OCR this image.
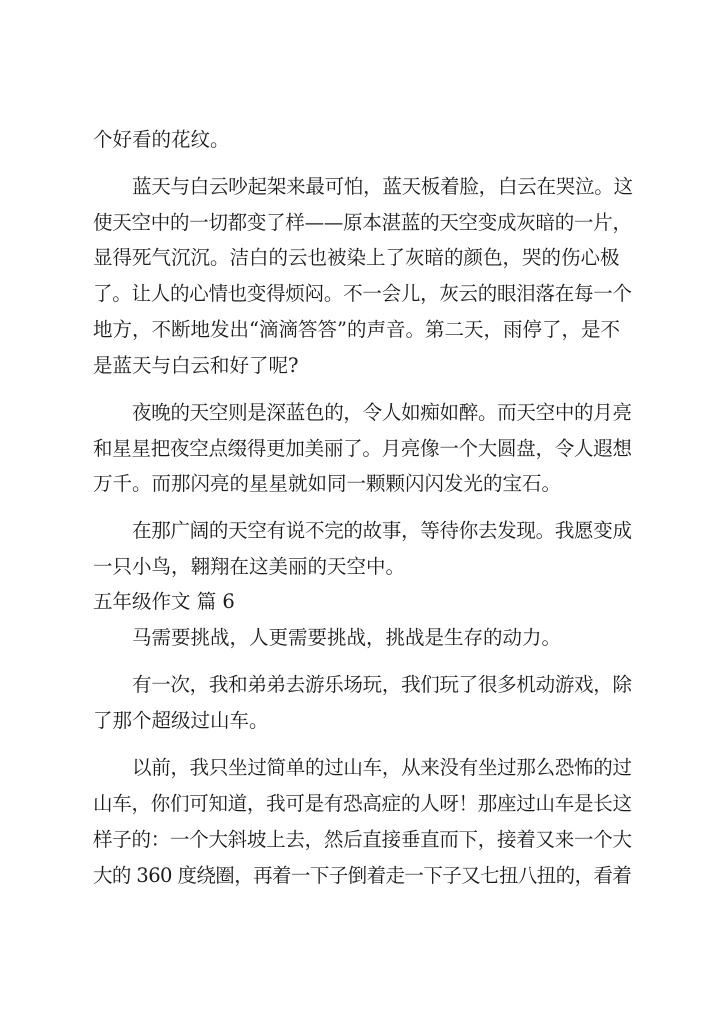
个好看的花纹。
蓝天与白云吵起架来最可怕，蓝天板着脸，白云在哭泣。这
使天空中的一切都变了样——原本湛蓝的天空变成灰暗的一片，
显得死气沉沉。洁白的云也被染上了灰暗的颜色，哭的伤心极
了。让人的心情也变得烦闷。不一会儿，灰云的眼泪落在每一个
地方，不断地发出“滴滴答答”的声音。第二天，雨停了，是不
是蓝天与白云和好了呢?
夜晚的天空则是深蓝色的，令人如痴如醉。而天空中的月亮
和星星把夜空点缀得更加美丽了。月亮像一个大圆盘，令人遐想
万千。而那闪亮的星星就如同一颗颗闪闪发光的宝石。
在那广阔的天空有说不完的故事，等待你去发现。我愿变成
一只小鸟，翱翔在这美丽的天空中。
五年级作文 篇 6
马需要挑战，人更需要挑战，挑战是生存的动力。
有一次，我和弟弟去游乐场玩，我们玩了很多机动游戏，除
了那个超级过山车。
以前，我只坐过简单的过山车，从来没有坐过那么恐怖的过
山车，你们可知道，我可是有恐高症的人呀！那座过山车是长这
样子的：一个大斜坡上去，然后直接垂直而下，接着又来一个大
大的 360 度绕圈，再着一下子倒着走一下子又七扭八扭的，看着
